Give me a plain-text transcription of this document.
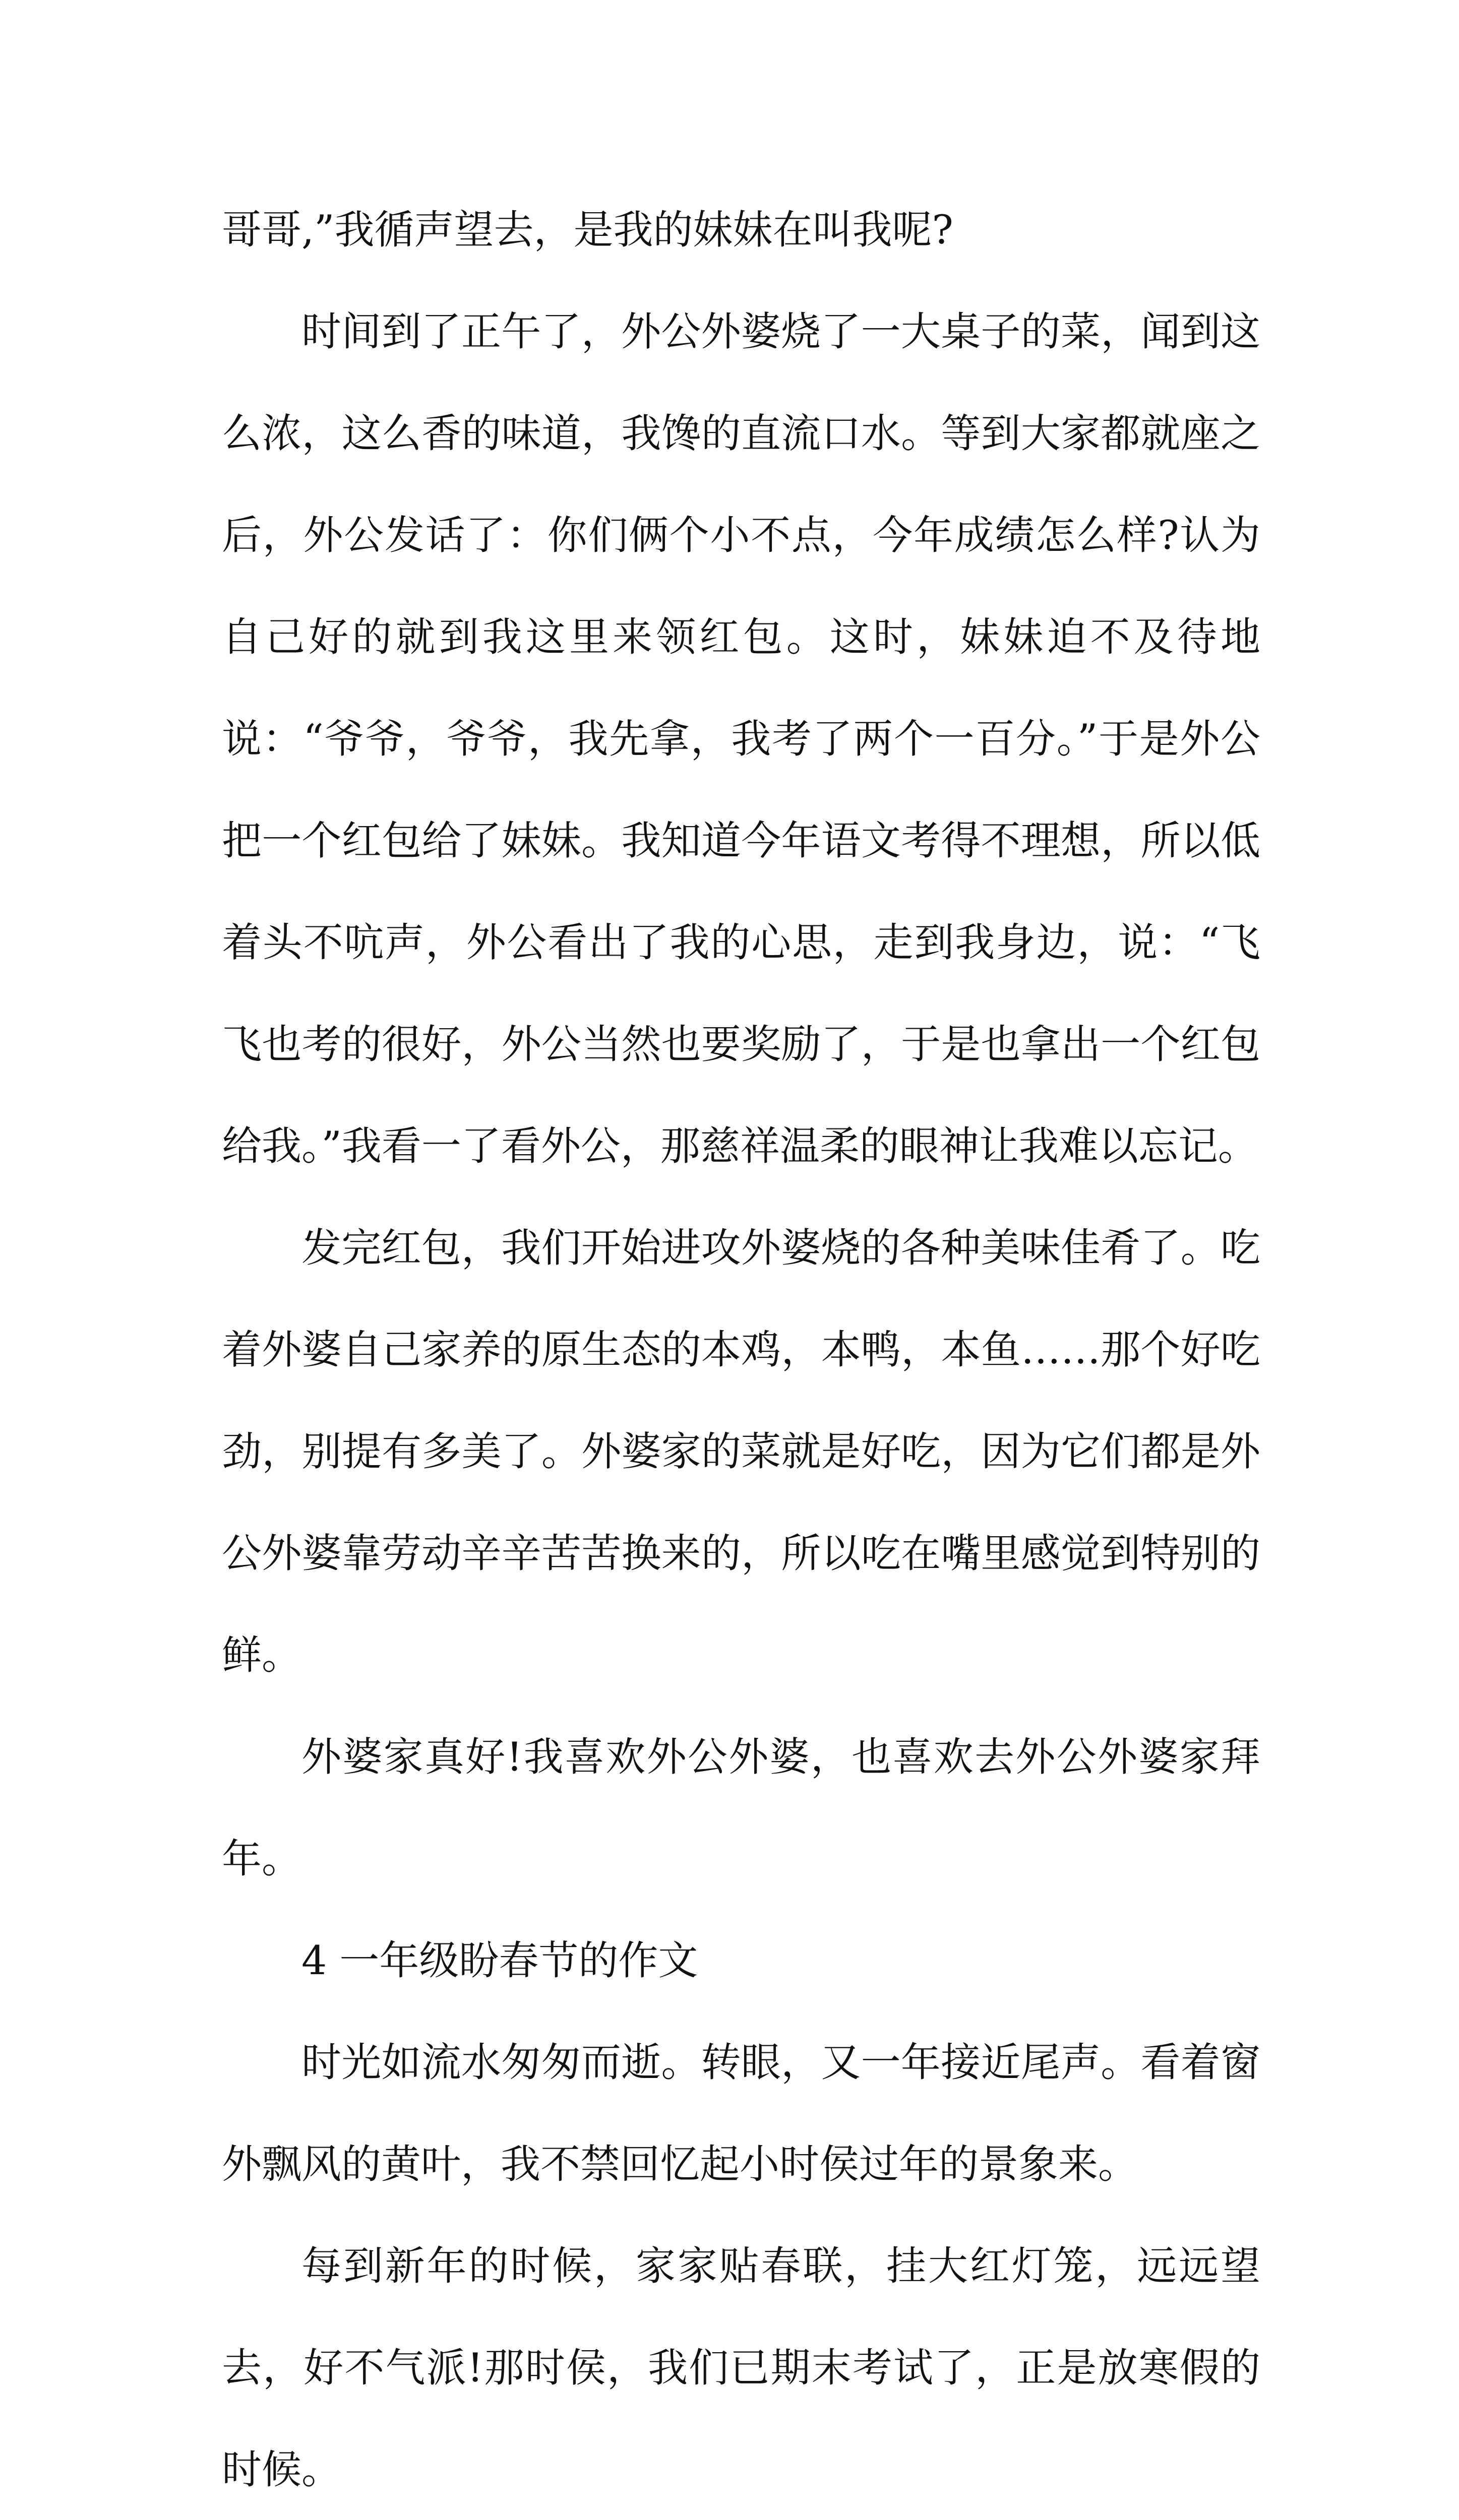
哥哥,”我循声望去，是我的妹妹在叫我呢?

时间到了正午了，外公外婆烧了一大桌子的菜，闻到这么浓，这么香的味道，我馋的直流口水。等到大家都就座之后，外公发话了：你们俩个小不点，今年成绩怎么样?认为自己好的就到我这里来领红包。这时，妹妹迫不及待地说：“爷爷，爷爷，我先拿，我考了两个一百分。”于是外公把一个红包给了妹妹。我知道今年语文考得不理想，所以低着头不吭声，外公看出了我的心思，走到我身边，说：“飞飞也考的很好，外公当然也要奖励了，于是也拿出一个红包给我。”我看一了看外公，那慈祥温柔的眼神让我难以忘记。

发完红包，我们开始进攻外婆烧的各种美味佳肴了。吃着外婆自己家养的原生态的本鸡，本鸭，本鱼……那个好吃劲，别提有多美了。外婆家的菜就是好吃，因为它们都是外公外婆靠劳动辛辛苦苦换来的，所以吃在嘴里感觉到特别的鲜。

外婆家真好!我喜欢外公外婆，也喜欢去外公外婆家拜年。

4 一年级盼春节的作文

时光如流水匆匆而逝。转眼，又一年接近尾声。看着窗外飘风的黄叶，我不禁回忆起小时侯过年的景象来。

每到新年的时候，家家贴春联，挂大红灯笼，远远望去，好不气派!那时侯，我们已期末考试了，正是放寒假的时候。
